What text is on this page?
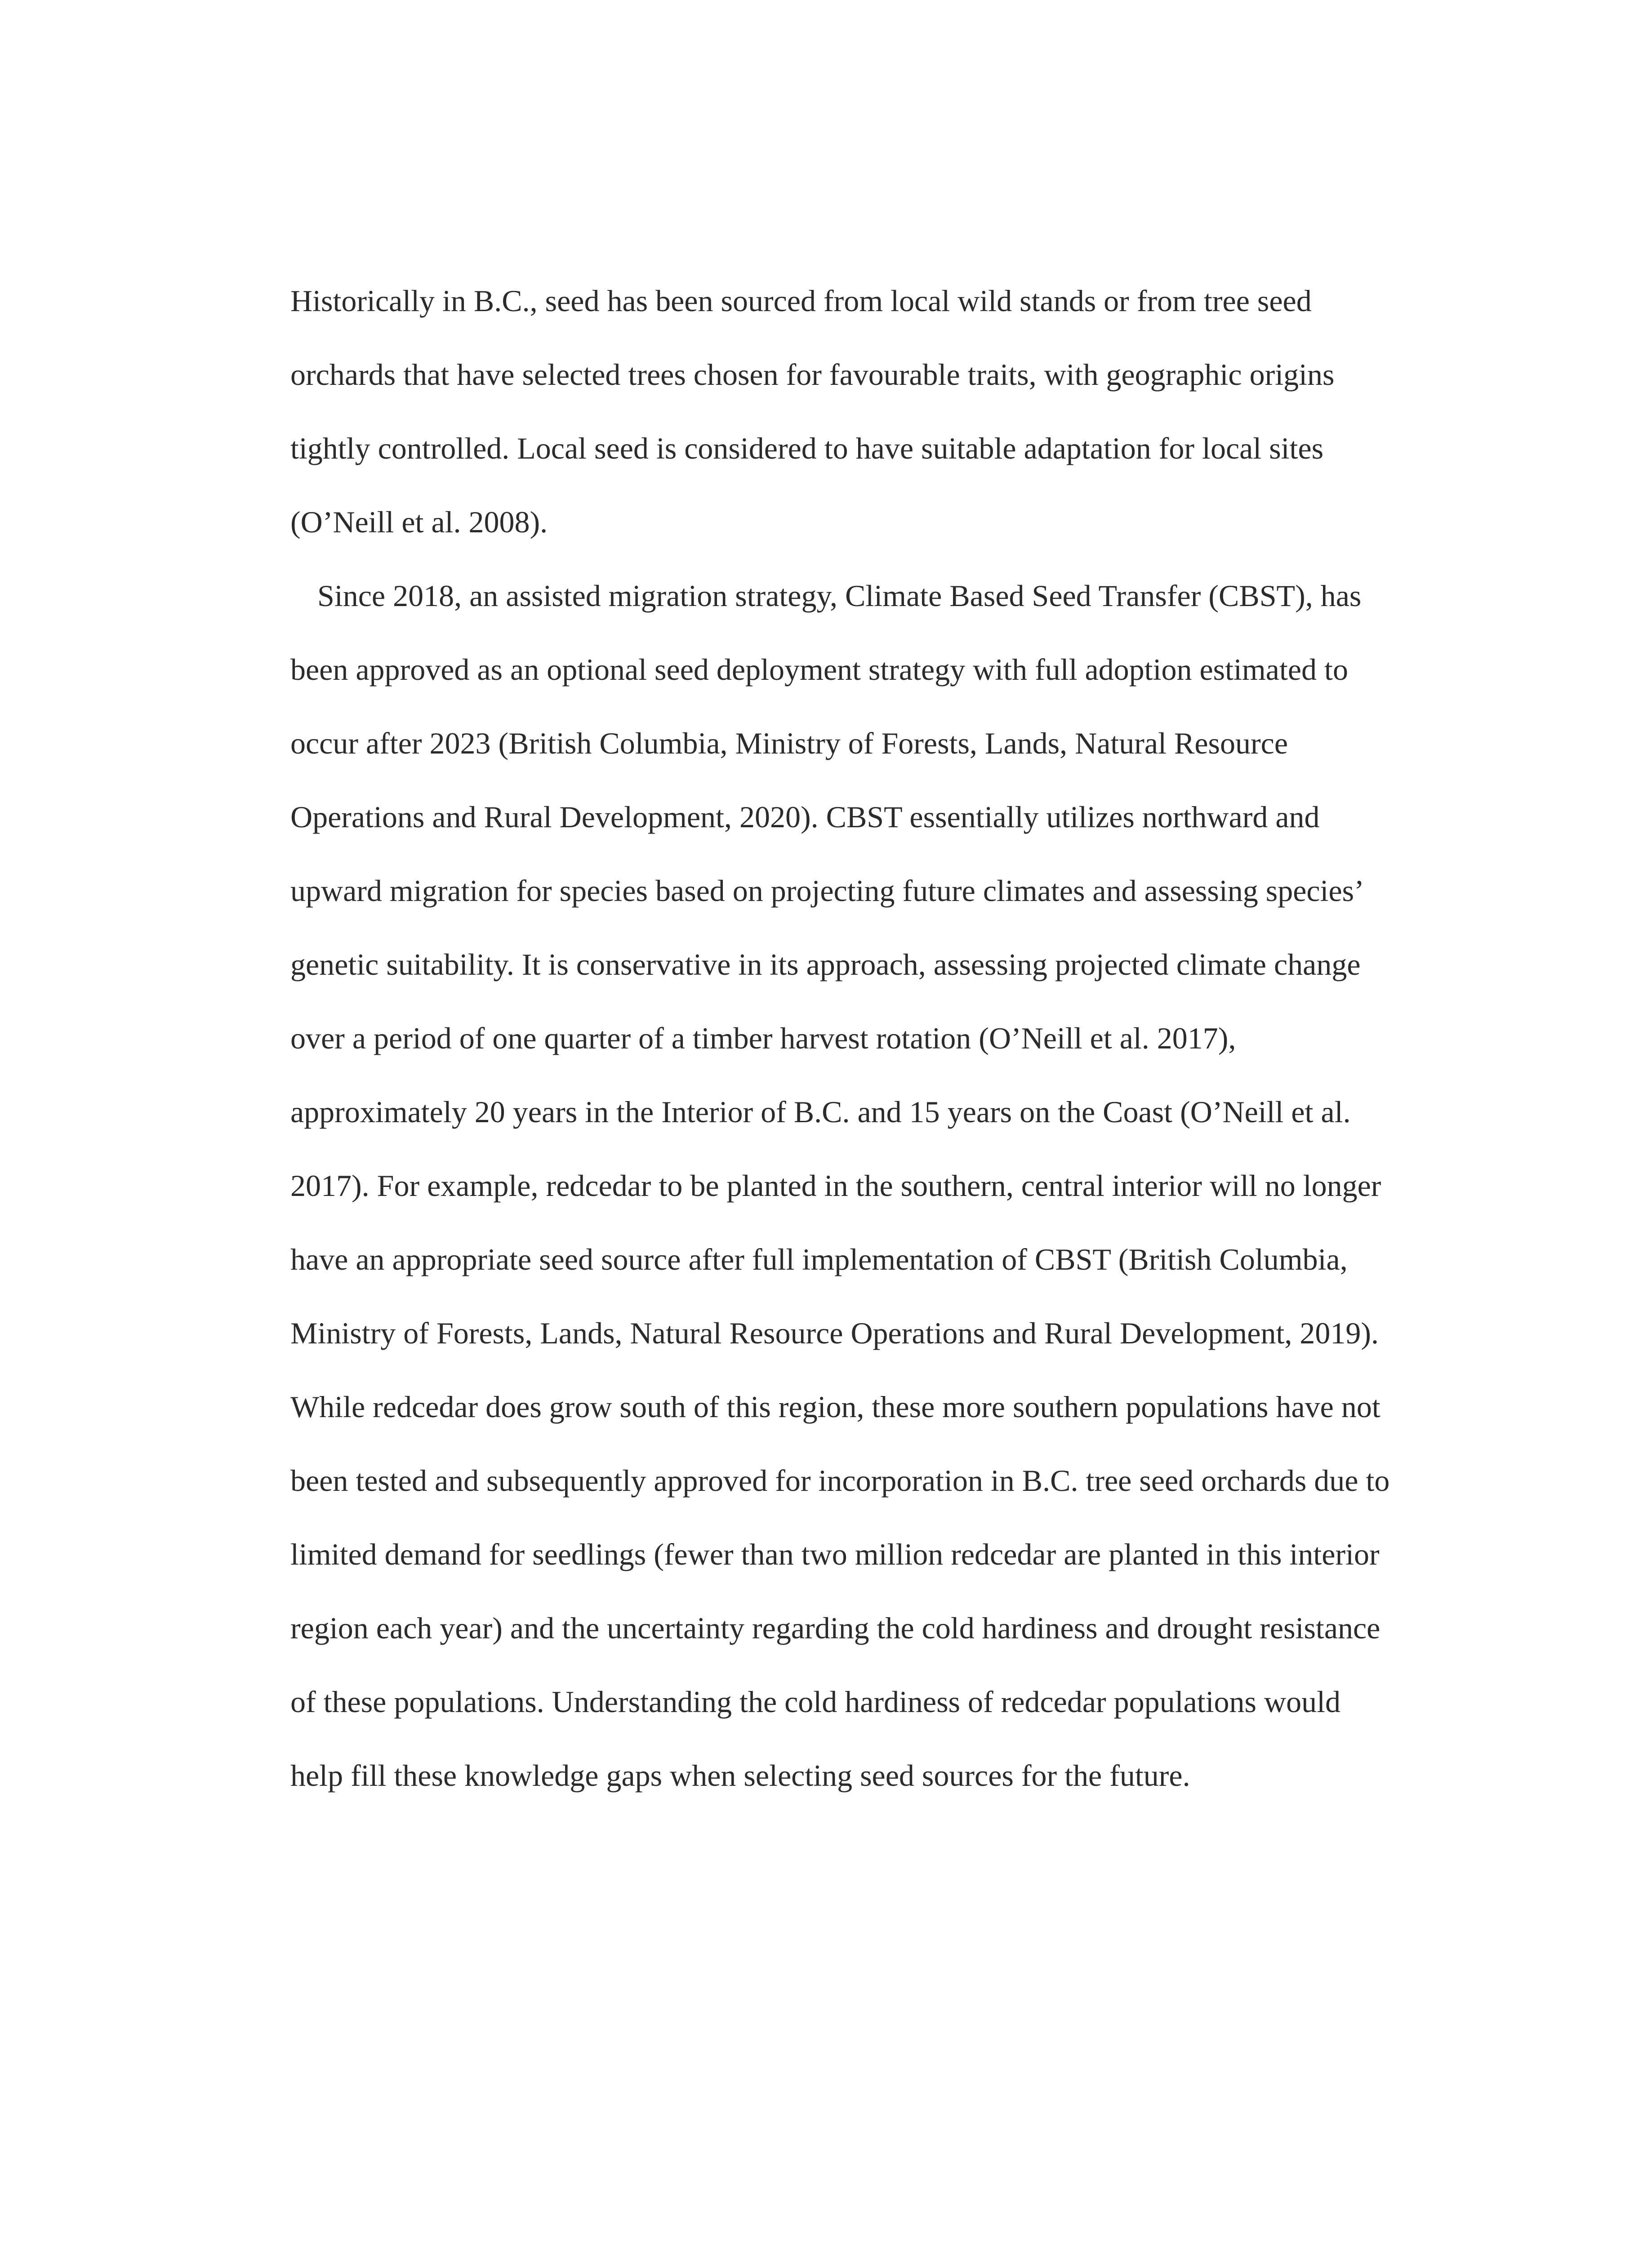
Historically in B.C., seed has been sourced from local wild stands or from tree seed
orchards that have selected trees chosen for favourable traits, with geographic origins
tightly controlled. Local seed is considered to have suitable adaptation for local sites
(O’Neill et al. 2008).
Since 2018, an assisted migration strategy, Climate Based Seed Transfer (CBST), has
been approved as an optional seed deployment strategy with full adoption estimated to
occur after 2023 (British Columbia, Ministry of Forests, Lands, Natural Resource
Operations and Rural Development, 2020). CBST essentially utilizes northward and
upward migration for species based on projecting future climates and assessing species’
genetic suitability. It is conservative in its approach, assessing projected climate change
over a period of one quarter of a timber harvest rotation (O’Neill et al. 2017),
approximately 20 years in the Interior of B.C. and 15 years on the Coast (O’Neill et al.
2017). For example, redcedar to be planted in the southern, central interior will no longer
have an appropriate seed source after full implementation of CBST (British Columbia,
Ministry of Forests, Lands, Natural Resource Operations and Rural Development, 2019).
While redcedar does grow south of this region, these more southern populations have not
been tested and subsequently approved for incorporation in B.C. tree seed orchards due to
limited demand for seedlings (fewer than two million redcedar are planted in this interior
region each year) and the uncertainty regarding the cold hardiness and drought resistance
of these populations. Understanding the cold hardiness of redcedar populations would
help fill these knowledge gaps when selecting seed sources for the future.
